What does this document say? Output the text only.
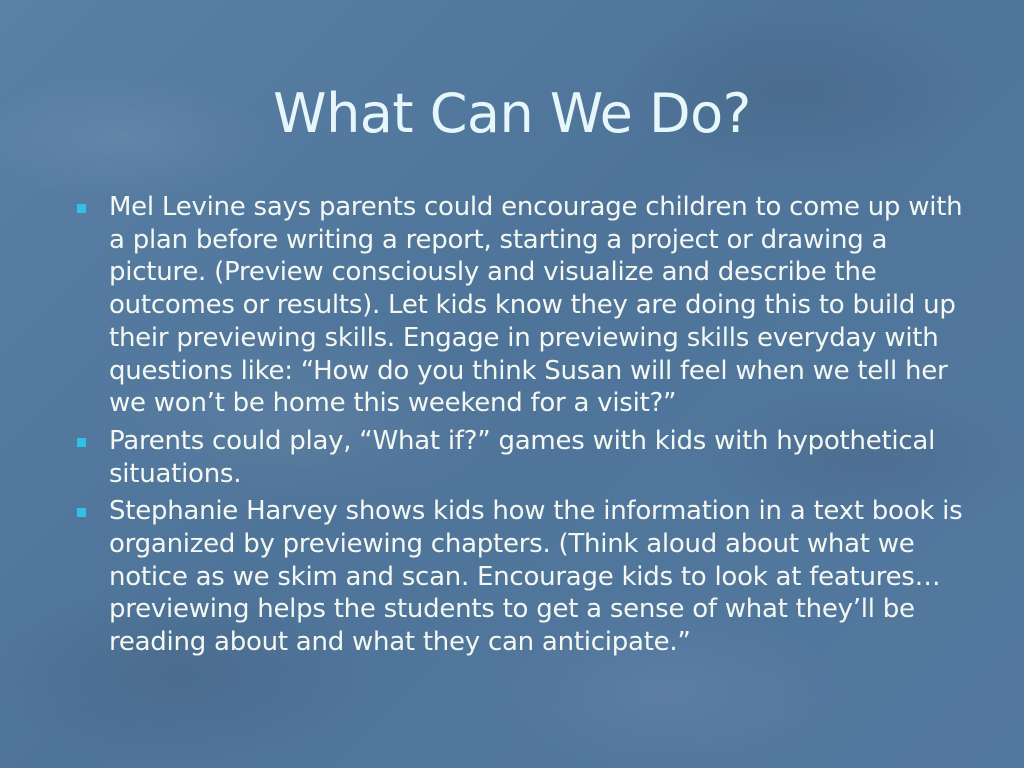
What Can We Do?
Mel Levine says parents could encourage children to come up with a plan before writing a report, starting a project or drawing a picture. (Preview consciously and visualize and describe the outcomes or results). Let kids know they are doing this to build up their previewing skills. Engage in previewing skills everyday with questions like: “How do you think Susan will feel when we tell her we won’t be home this weekend for a visit?”
Parents could play, “What if?” games with kids with hypothetical situations.
Stephanie Harvey shows kids how the information in a text book is organized by previewing chapters. (Think aloud about what we notice as we skim and scan. Encourage kids to look at features…previewing helps the students to get a sense of what they’ll be reading about and what they can anticipate.”
